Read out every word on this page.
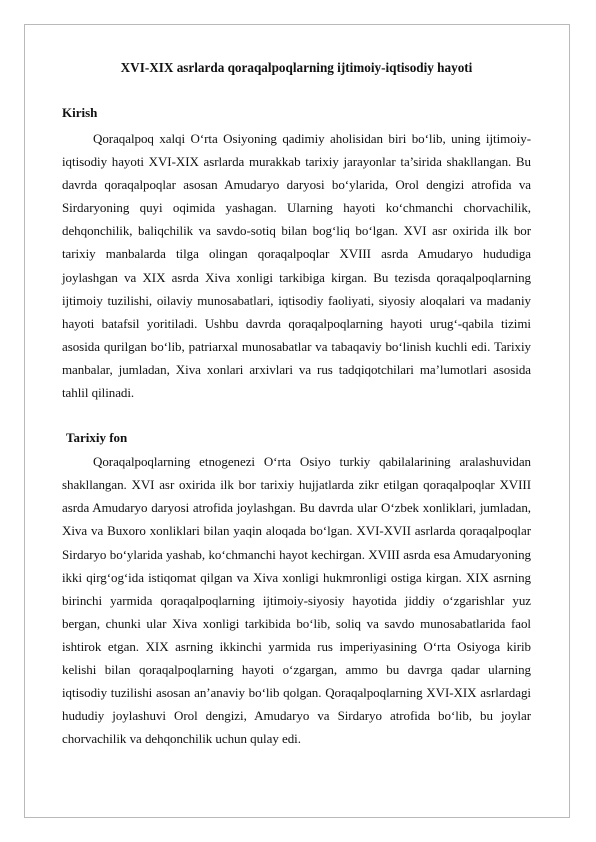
XVI-XIX asrlarda qoraqalpoqlarning ijtimoiy-iqtisodiy hayoti

Kirish

Qoraqalpoq xalqi O‘rta Osiyoning qadimiy aholisidan biri bo‘lib, uning ijtimoiy-iqtisodiy hayoti XVI-XIX asrlarda murakkab tarixiy jarayonlar ta’sirida shakllangan. Bu davrda qoraqalpoqlar asosan Amudaryo daryosi bo‘ylarida, Orol dengizi atrofida va Sirdaryoning quyi oqimida yashagan. Ularning hayoti ko‘chmanchi chorvachilik, dehqonchilik, baliqchilik va savdo-sotiq bilan bog‘liq bo‘lgan. XVI asr oxirida ilk bor tarixiy manbalarda tilga olingan qoraqalpoqlar XVIII asrda Amudaryo hududiga joylashgan va XIX asrda Xiva xonligi tarkibiga kirgan. Bu tezisda qoraqalpoqlarning ijtimoiy tuzilishi, oilaviy munosabatlari, iqtisodiy faoliyati, siyosiy aloqalari va madaniy hayoti batafsil yoritiladi. Ushbu davrda qoraqalpoqlarning hayoti urug‘-qabila tizimi asosida qurilgan bo‘lib, patriarxal munosabatlar va tabaqaviy bo‘linish kuchli edi. Tarixiy manbalar, jumladan, Xiva xonlari arxivlari va rus tadqiqotchilari ma’lumotlari asosida tahlil qilinadi.

Tarixiy fon

Qoraqalpoqlarning etnogenezi O‘rta Osiyo turkiy qabilalarining aralashuvidan shakllangan. XVI asr oxirida ilk bor tarixiy hujjatlarda zikr etilgan qoraqalpoqlar XVIII asrda Amudaryo daryosi atrofida joylashgan. Bu davrda ular O‘zbek xonliklari, jumladan, Xiva va Buxoro xonliklari bilan yaqin aloqada bo‘lgan. XVI-XVII asrlarda qoraqalpoqlar Sirdaryo bo‘ylarida yashab, ko‘chmanchi hayot kechirgan. XVIII asrda esa Amudaryoning ikki qirg‘og‘ida istiqomat qilgan va Xiva xonligi hukmronligi ostiga kirgan. XIX asrning birinchi yarmida qoraqalpoqlarning ijtimoiy-siyosiy hayotida jiddiy o‘zgarishlar yuz bergan, chunki ular Xiva xonligi tarkibida bo‘lib, soliq va savdo munosabatlarida faol ishtirok etgan. XIX asrning ikkinchi yarmida rus imperiyasining O‘rta Osiyoga kirib kelishi bilan qoraqalpoqlarning hayoti o‘zgargan, ammo bu davrga qadar ularning iqtisodiy tuzilishi asosan an’anaviy bo‘lib qolgan. Qoraqalpoqlarning XVI-XIX asrlardagi hududiy joylashuvi Orol dengizi, Amudaryo va Sirdaryo atrofida bo‘lib, bu joylar chorvachilik va dehqonchilik uchun qulay edi.
